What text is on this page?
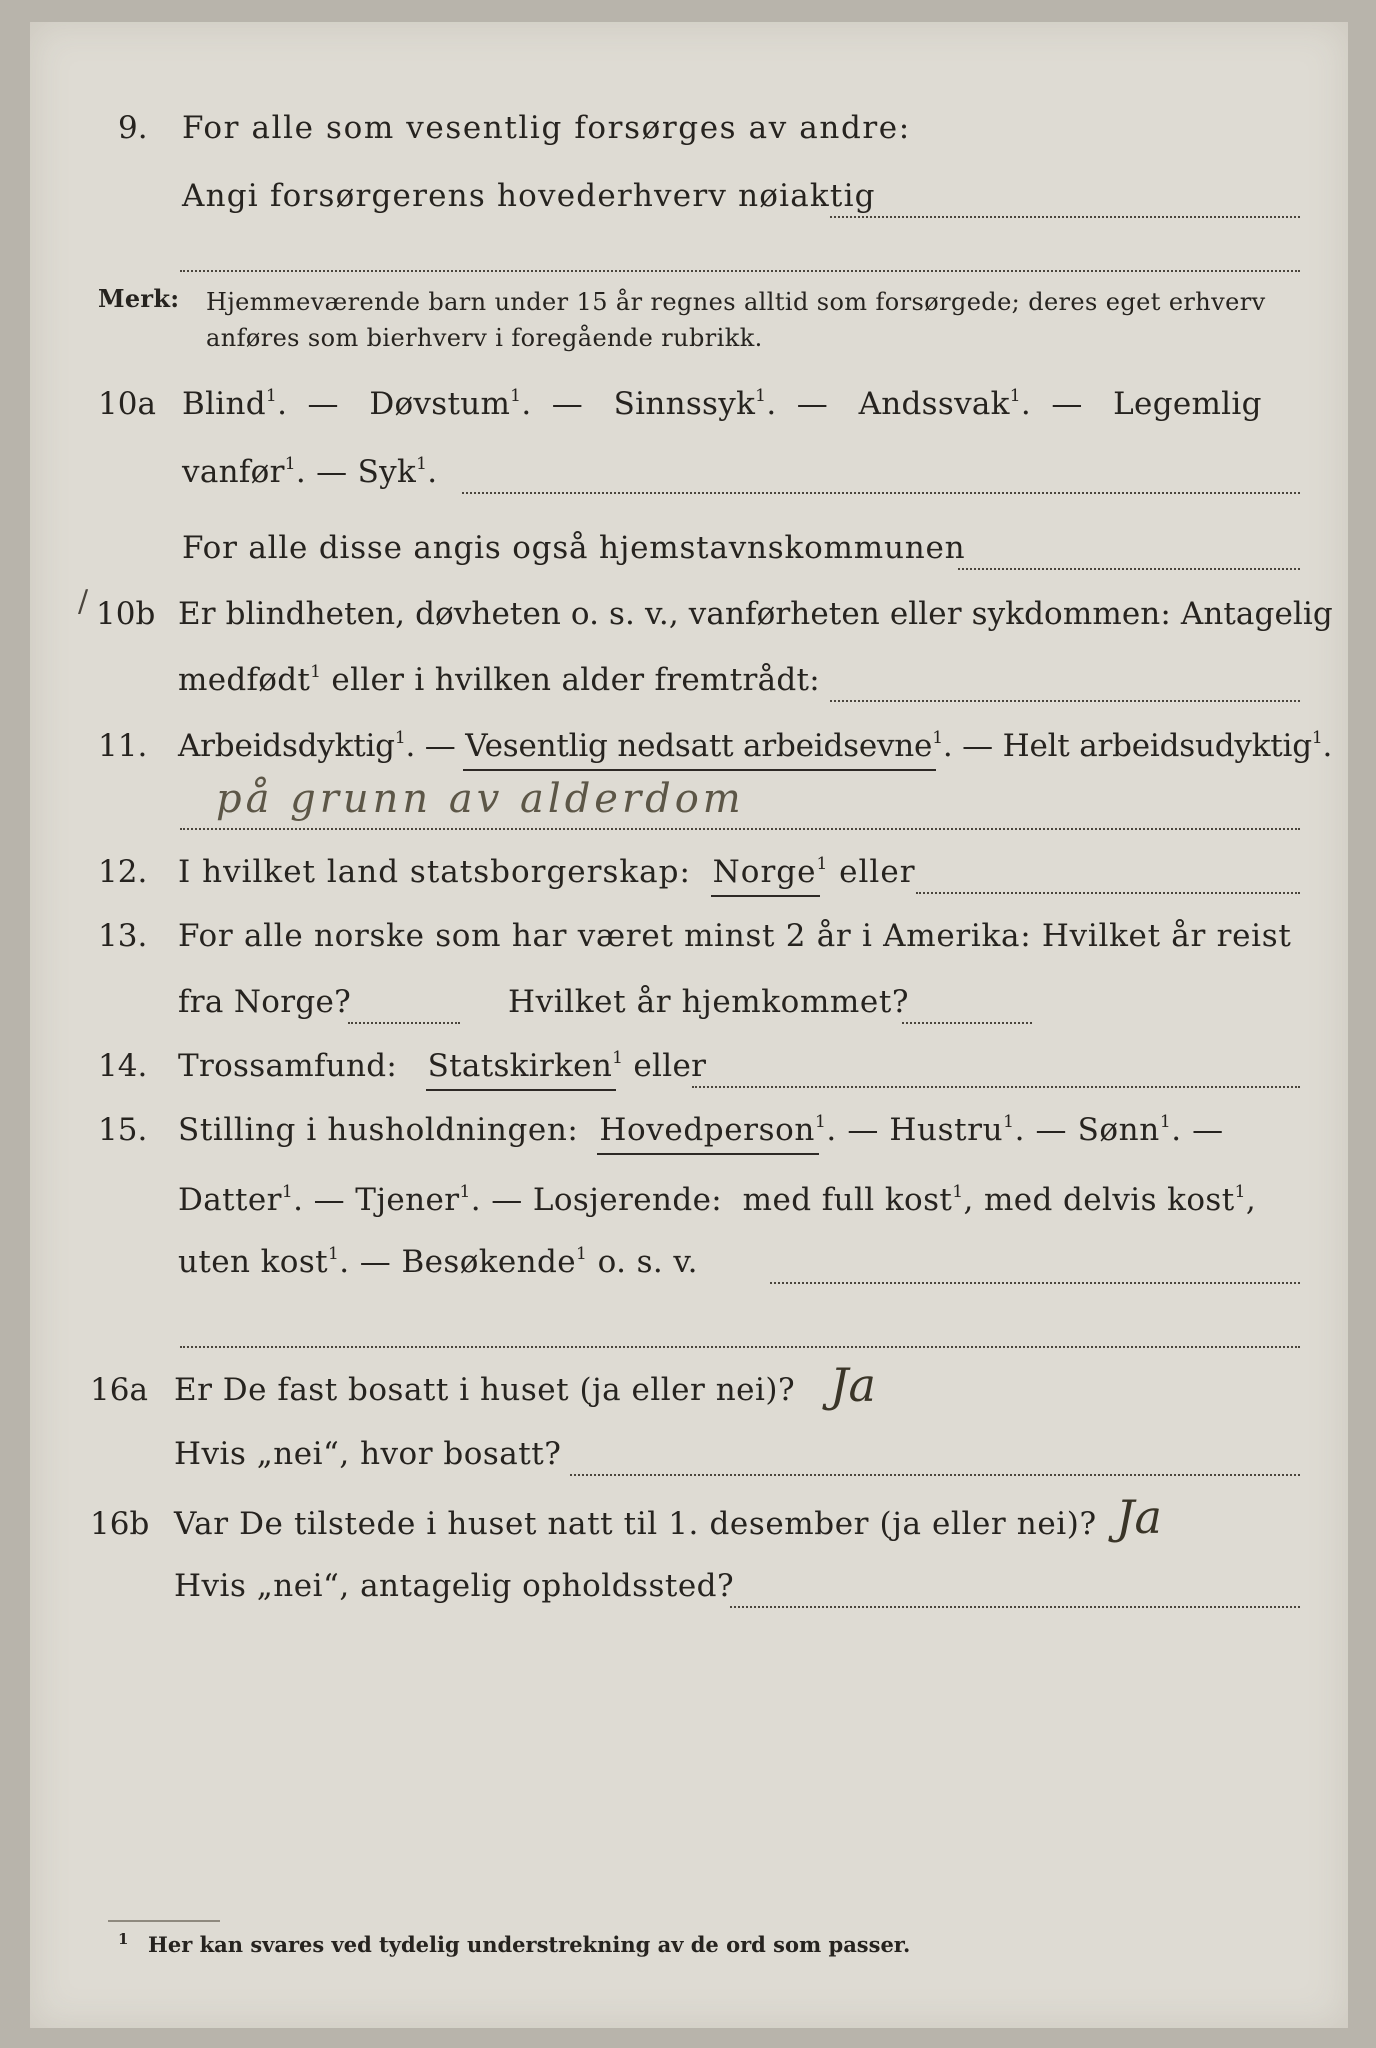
9. For alle som vesentlig forsørges av andre:
Angi forsørgerens hovederhverv nøiaktig
Merk: Hjemmeværende barn under 15 år regnes alltid som forsørgede; deres eget erhverv
anføres som bierhverv i foregående rubrikk.
10a Blind$^1$.  — Døvstum$^1$.  — Sinnssyk$^1$.  — Andssvak$^1$.  — Legemlig
vanfør$^1$. — Syk$^1$.
For alle disse angis også hjemstavnskommunen
/ 10b Er blindheten, døvheten o. s. v., vanførheten eller sykdommen: Antagelig
medfødt$^1$ eller i hvilken alder fremtrådt:
11. Arbeidsdyktig$^1$. — Vesentlig nedsatt arbeidsevne$^1$. — Helt arbeidsudyktig$^1$.
på grunn av alderdom
12. I hvilket land statsborgerskap: Norge$^1$ eller
13. For alle norske som har været minst 2 år i Amerika: Hvilket år reist
fra Norge?	Hvilket år hjemkommet?
14. Trossamfund: Statskirken$^1$ eller
15. Stilling i husholdningen: Hovedperson$^1$. — Hustru$^1$. — Sønn$^1$. —
Datter$^1$. — Tjener$^1$. — Losjerende: med full kost$^1$, med delvis kost$^1$,
uten kost$^1$. — Besøkende$^1$ o. s. v.
16a Er De fast bosatt i huset (ja eller nei)? Ja
Hvis „nei“, hvor bosatt?
16b Var De tilstede i huset natt til 1. desember (ja eller nei)? Ja
Hvis „nei“, antagelig opholdssted?
1 Her kan svares ved tydelig understrekning av de ord som passer.
